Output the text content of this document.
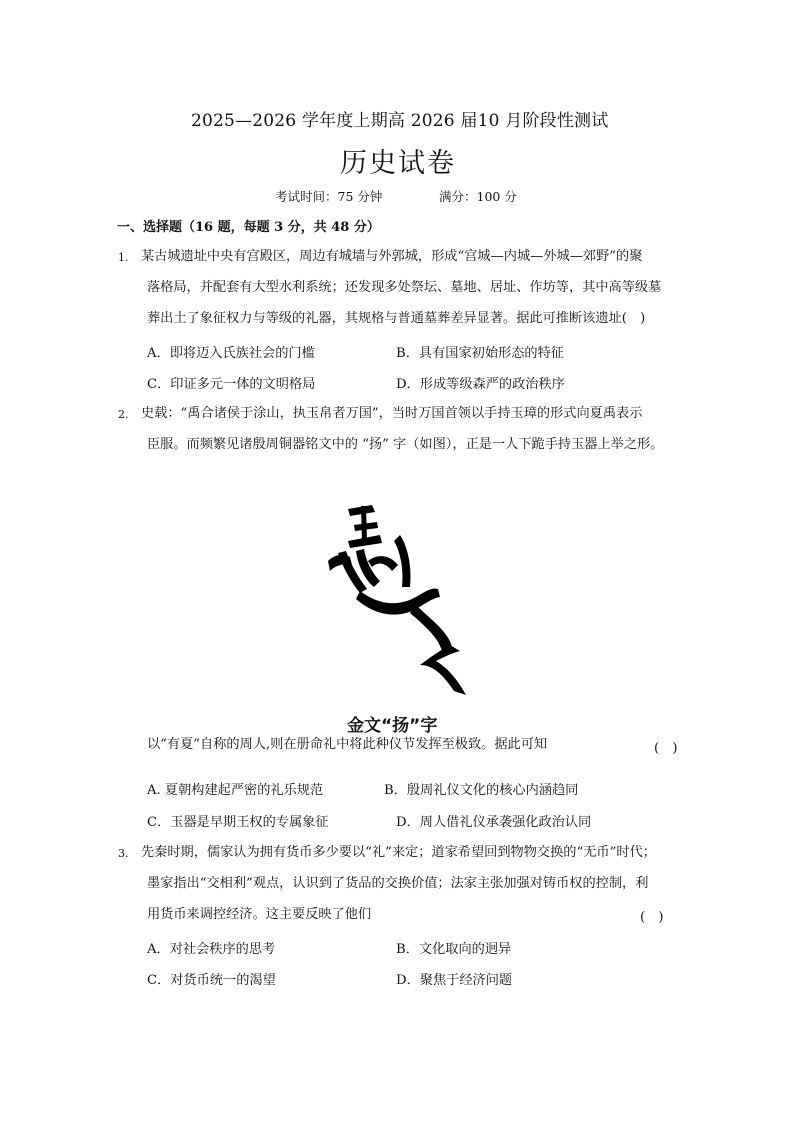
2025—2026 学年度上期高 2026 届10 月阶段性测试
历史试卷
考试时间：75 分钟	满分：100 分
一、选择题（16 题，每题 3 分，共 48 分）
1. 某古城遗址中央有宫殿区，周边有城墙与外郭城，形成“宫城—内城—外城—郊野”的聚
落格局，并配套有大型水利系统；还发现多处祭坛、墓地、居址、作坊等，其中高等级墓
葬出土了象征权力与等级的礼器，其规格与普通墓葬差异显著。据此可推断该遗址(　)
A．即将迈入氏族社会的门槛	B．具有国家初始形态的特征
C．印证多元一体的文明格局	D．形成等级森严的政治秩序
2. 史载：“禹合诸侯于涂山，执玉帛者万国”，当时万国首领以手持玉璋的形式向夏禹表示
臣服。而频繁见诸殷周铜器铭文中的 “扬” 字（如图），正是一人下跪手持玉器上举之形。
金文“扬”字
以“有夏”自称的周人,则在册命礼中将此种仪节发挥至极致。据此可知	(　)
A. 夏朝构建起严密的礼乐规范	B．殷周礼仪文化的核心内涵趋同
C．玉器是早期王权的专属象征	D．周人借礼仪承袭强化政治认同
3. 先秦时期，儒家认为拥有货币多少要以“礼”来定；道家希望回到物物交换的“无币”时代；
墨家指出“交相利”观点，认识到了货品的交换价值；法家主张加强对铸币权的控制，利
用货币来调控经济。这主要反映了他们	(　)
A．对社会秩序的思考	B．文化取向的迥异
C．对货币统一的渴望	D．聚焦于经济问题
